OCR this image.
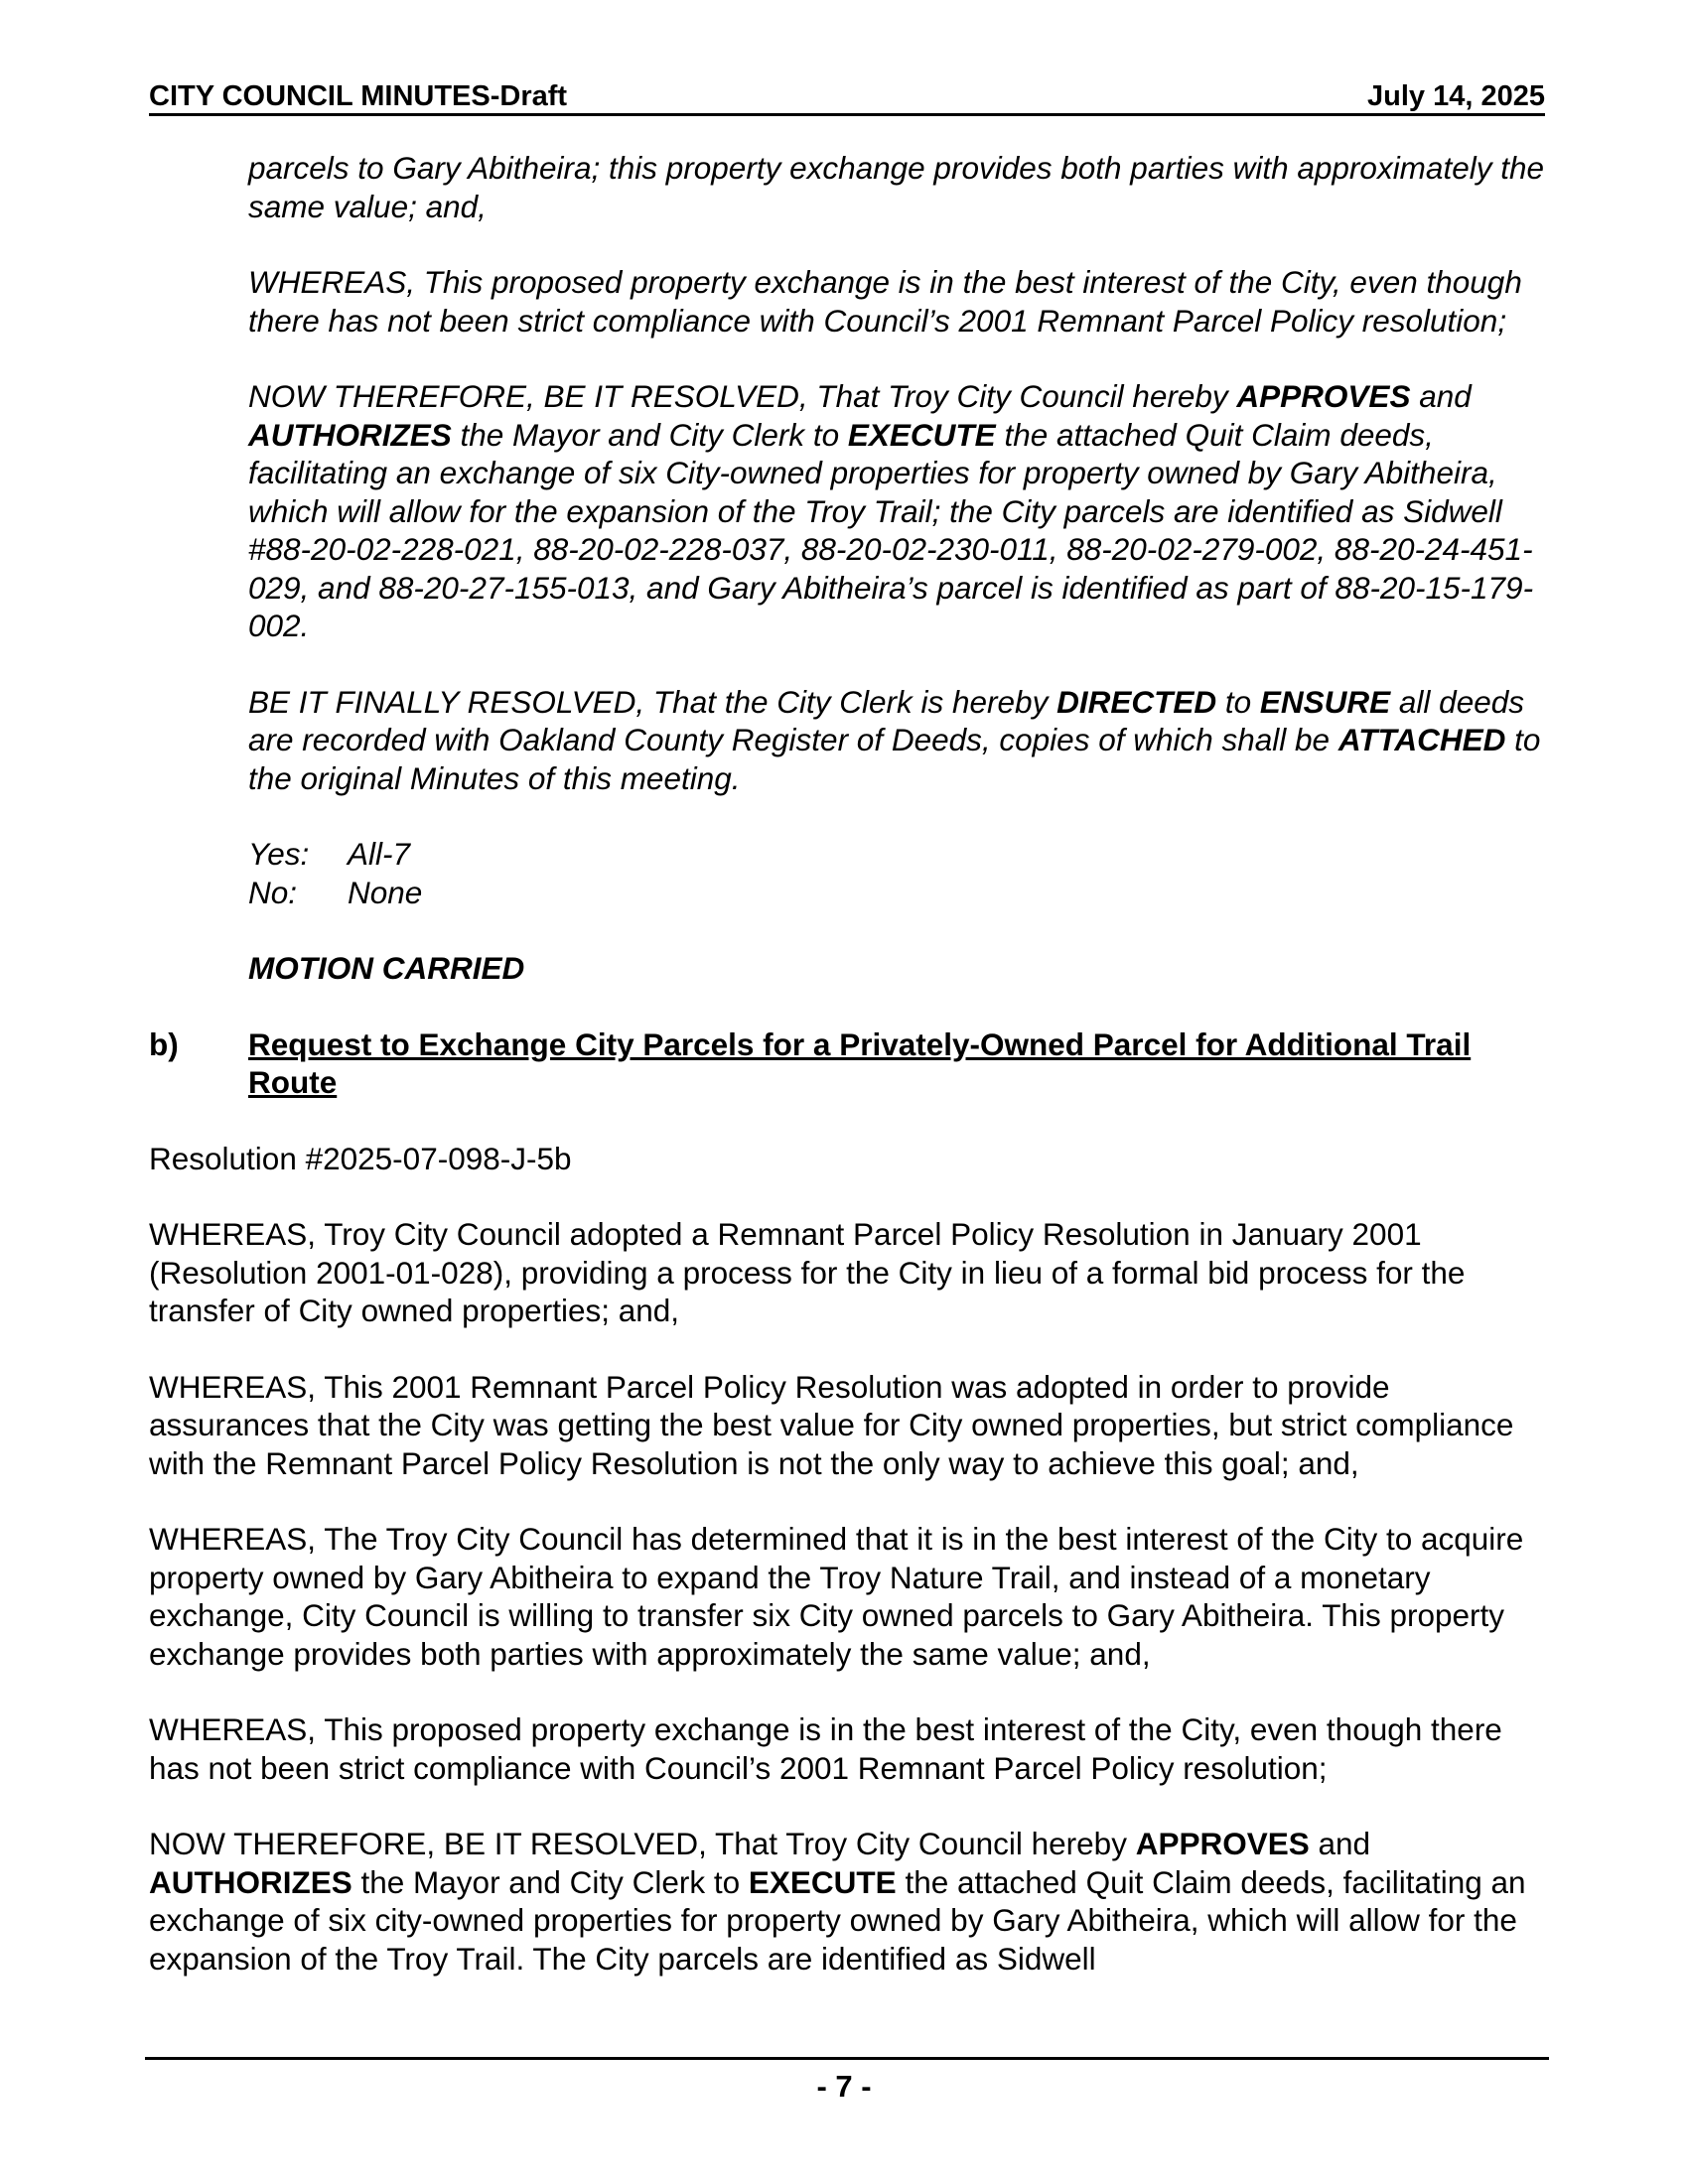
CITY COUNCIL MINUTES-Draft	July 14, 2025

parcels to Gary Abitheira; this property exchange provides both parties with approximately the same value; and,

WHEREAS, This proposed property exchange is in the best interest of the City, even though there has not been strict compliance with Council’s 2001 Remnant Parcel Policy resolution;

NOW THEREFORE, BE IT RESOLVED, That Troy City Council hereby APPROVES and AUTHORIZES the Mayor and City Clerk to EXECUTE the attached Quit Claim deeds, facilitating an exchange of six City-owned properties for property owned by Gary Abitheira, which will allow for the expansion of the Troy Trail; the City parcels are identified as Sidwell #88-20-02-228-021, 88-20-02-228-037, 88-20-02-230-011, 88-20-02-279-002, 88-20-24-451-029, and 88-20-27-155-013, and Gary Abitheira’s parcel is identified as part of 88-20-15-179-002.

BE IT FINALLY RESOLVED, That the City Clerk is hereby DIRECTED to ENSURE all deeds are recorded with Oakland County Register of Deeds, copies of which shall be ATTACHED to the original Minutes of this meeting.

Yes:	All-7
No:	None

MOTION CARRIED

b)	Request to Exchange City Parcels for a Privately-Owned Parcel for Additional Trail Route

Resolution #2025-07-098-J-5b

WHEREAS, Troy City Council adopted a Remnant Parcel Policy Resolution in January 2001 (Resolution 2001-01-028), providing a process for the City in lieu of a formal bid process for the transfer of City owned properties; and,

WHEREAS, This 2001 Remnant Parcel Policy Resolution was adopted in order to provide assurances that the City was getting the best value for City owned properties, but strict compliance with the Remnant Parcel Policy Resolution is not the only way to achieve this goal; and,

WHEREAS, The Troy City Council has determined that it is in the best interest of the City to acquire property owned by Gary Abitheira to expand the Troy Nature Trail, and instead of a monetary exchange, City Council is willing to transfer six City owned parcels to Gary Abitheira. This property exchange provides both parties with approximately the same value; and,

WHEREAS, This proposed property exchange is in the best interest of the City, even though there has not been strict compliance with Council’s 2001 Remnant Parcel Policy resolution;

NOW THEREFORE, BE IT RESOLVED, That Troy City Council hereby APPROVES and AUTHORIZES the Mayor and City Clerk to EXECUTE the attached Quit Claim deeds, facilitating an exchange of six city-owned properties for property owned by Gary Abitheira, which will allow for the expansion of the Troy Trail. The City parcels are identified as Sidwell

- 7 -
